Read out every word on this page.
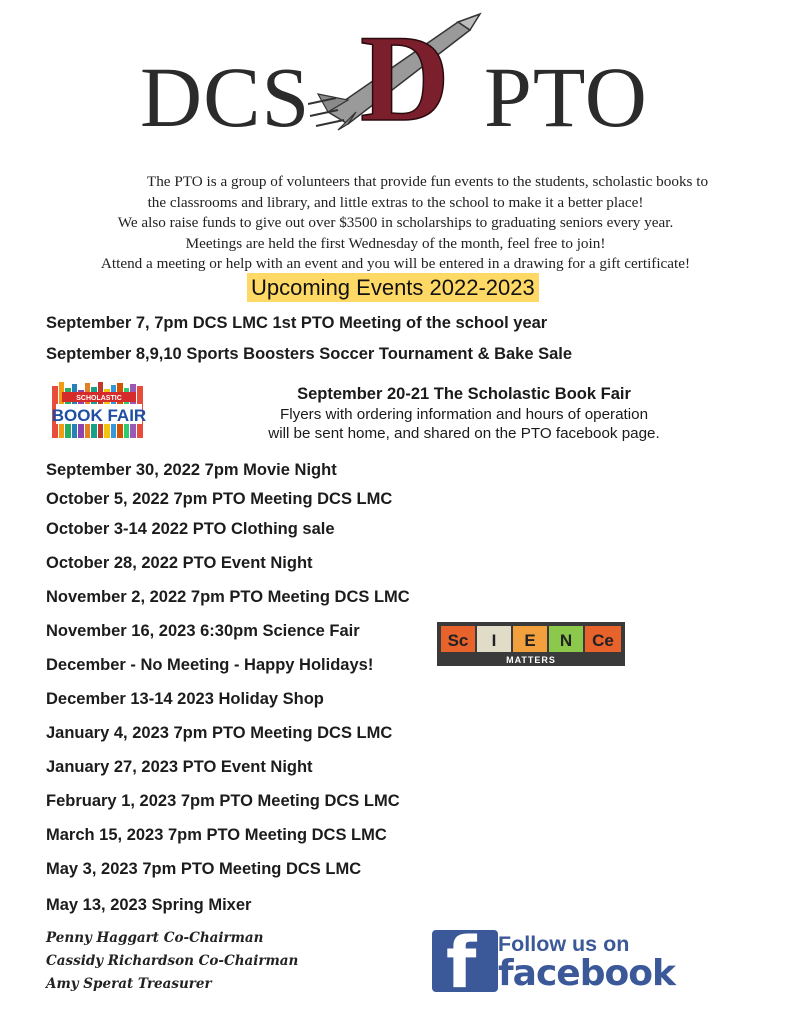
DCS D PTO
The PTO is a group of volunteers that provide fun events to the students, scholastic books to
the classrooms and library, and little extras to the school to make it a better place!
We also raise funds to give out over $3500 in scholarships to graduating seniors every year.
Meetings are held the first Wednesday of the month, feel free to join!
Attend a meeting or help with an event and you will be entered in a drawing for a gift certificate!
Upcoming Events 2022-2023
September 7, 7pm DCS LMC 1st PTO Meeting of the school year
September 8,9,10 Sports Boosters Soccer Tournament & Bake Sale
SCHOLASTIC
BOOK FAIR
September 20-21 The Scholastic Book Fair
Flyers with ordering information and hours of operation
will be sent home, and shared on the PTO facebook page.
September 30, 2022 7pm Movie Night
October 5, 2022 7pm PTO Meeting DCS LMC
October 3-14 2022 PTO Clothing sale
October 28, 2022 PTO Event Night
November 2, 2022 7pm PTO Meeting DCS LMC
November 16, 2023 6:30pm Science Fair
December - No Meeting - Happy Holidays!
December 13-14 2023 Holiday Shop
January 4, 2023 7pm PTO Meeting DCS LMC
January 27, 2023 PTO Event Night
February 1, 2023 7pm PTO Meeting DCS LMC
March 15, 2023 7pm PTO Meeting DCS LMC
May 3, 2023 7pm PTO Meeting DCS LMC
May 13, 2023 Spring Mixer
Sc I E N Ce
MATTERS
Penny Haggart Co-Chairman
Cassidy Richardson Co-Chairman
Amy Sperat Treasurer	f Follow us on
facebook
